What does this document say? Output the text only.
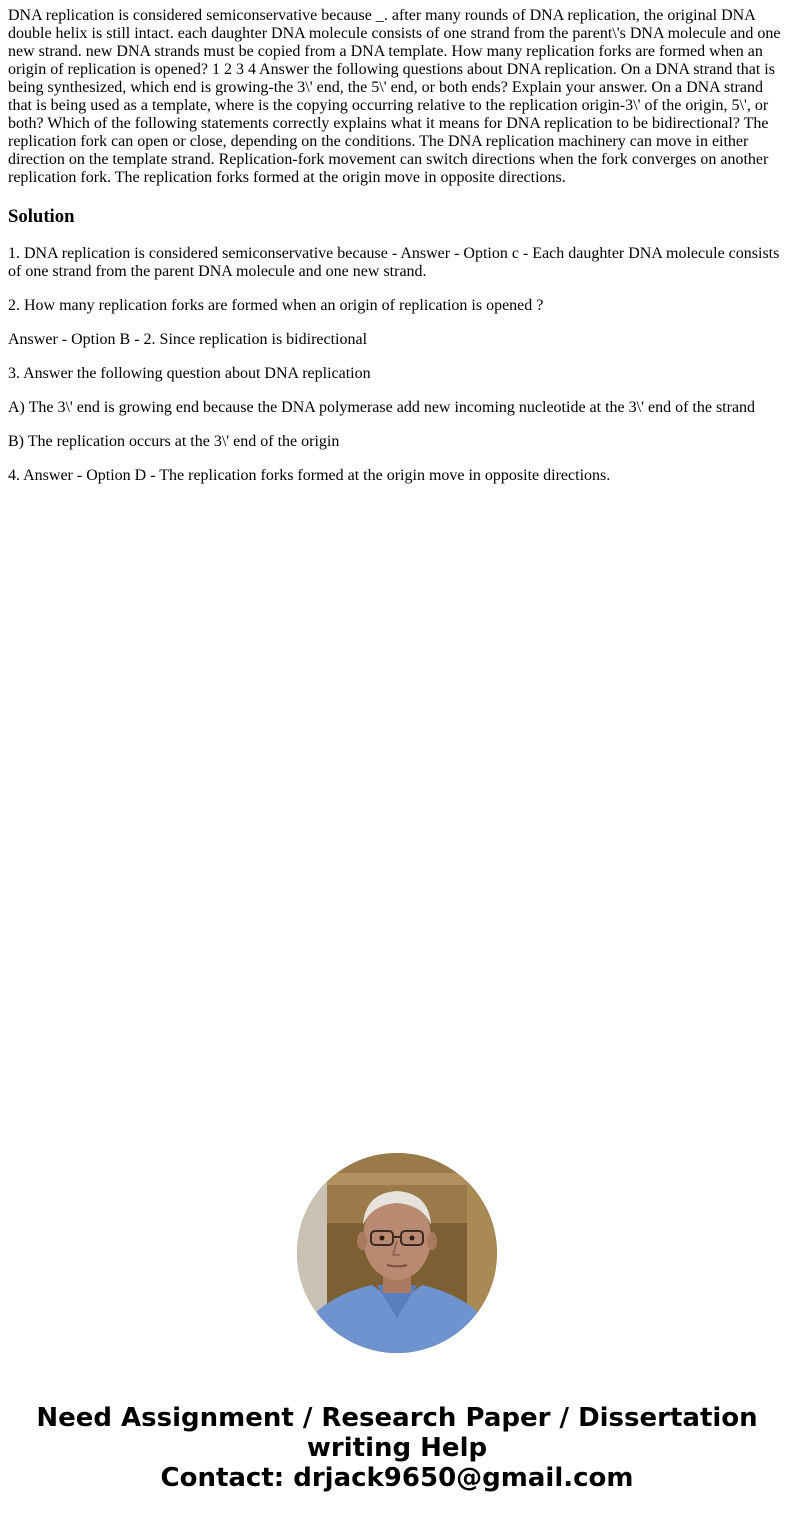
DNA replication is considered semiconservative because _. after many rounds of DNA replication, the original DNA double helix is still intact. each daughter DNA molecule consists of one strand from the parent\'s DNA molecule and one new strand. new DNA strands must be copied from a DNA template. How many replication forks are formed when an origin of replication is opened? 1 2 3 4 Answer the following questions about DNA replication. On a DNA strand that is being synthesized, which end is growing-the 3\' end, the 5\' end, or both ends? Explain your answer. On a DNA strand that is being used as a template, where is the copying occurring relative to the replication origin-3\' of the origin, 5\', or both? Which of the following statements correctly explains what it means for DNA replication to be bidirectional? The replication fork can open or close, depending on the conditions. The DNA replication machinery can move in either direction on the template strand. Replication-fork movement can switch directions when the fork converges on another replication fork. The replication forks formed at the origin move in opposite directions.

Solution

1. DNA replication is considered semiconservative because - Answer - Option c - Each daughter DNA molecule consists of one strand from the parent DNA molecule and one new strand.

2. How many replication forks are formed when an origin of replication is opened ?

Answer - Option B - 2. Since replication is bidirectional

3. Answer the following question about DNA replication

A) The 3\' end is growing end because the DNA polymerase add new incoming nucleotide at the 3\' end of the strand

B) The replication occurs at the 3\' end of the origin

4. Answer - Option D - The replication forks formed at the origin move in opposite directions.

Need Assignment / Research Paper / Dissertation
writing Help
Contact: drjack9650@gmail.com
